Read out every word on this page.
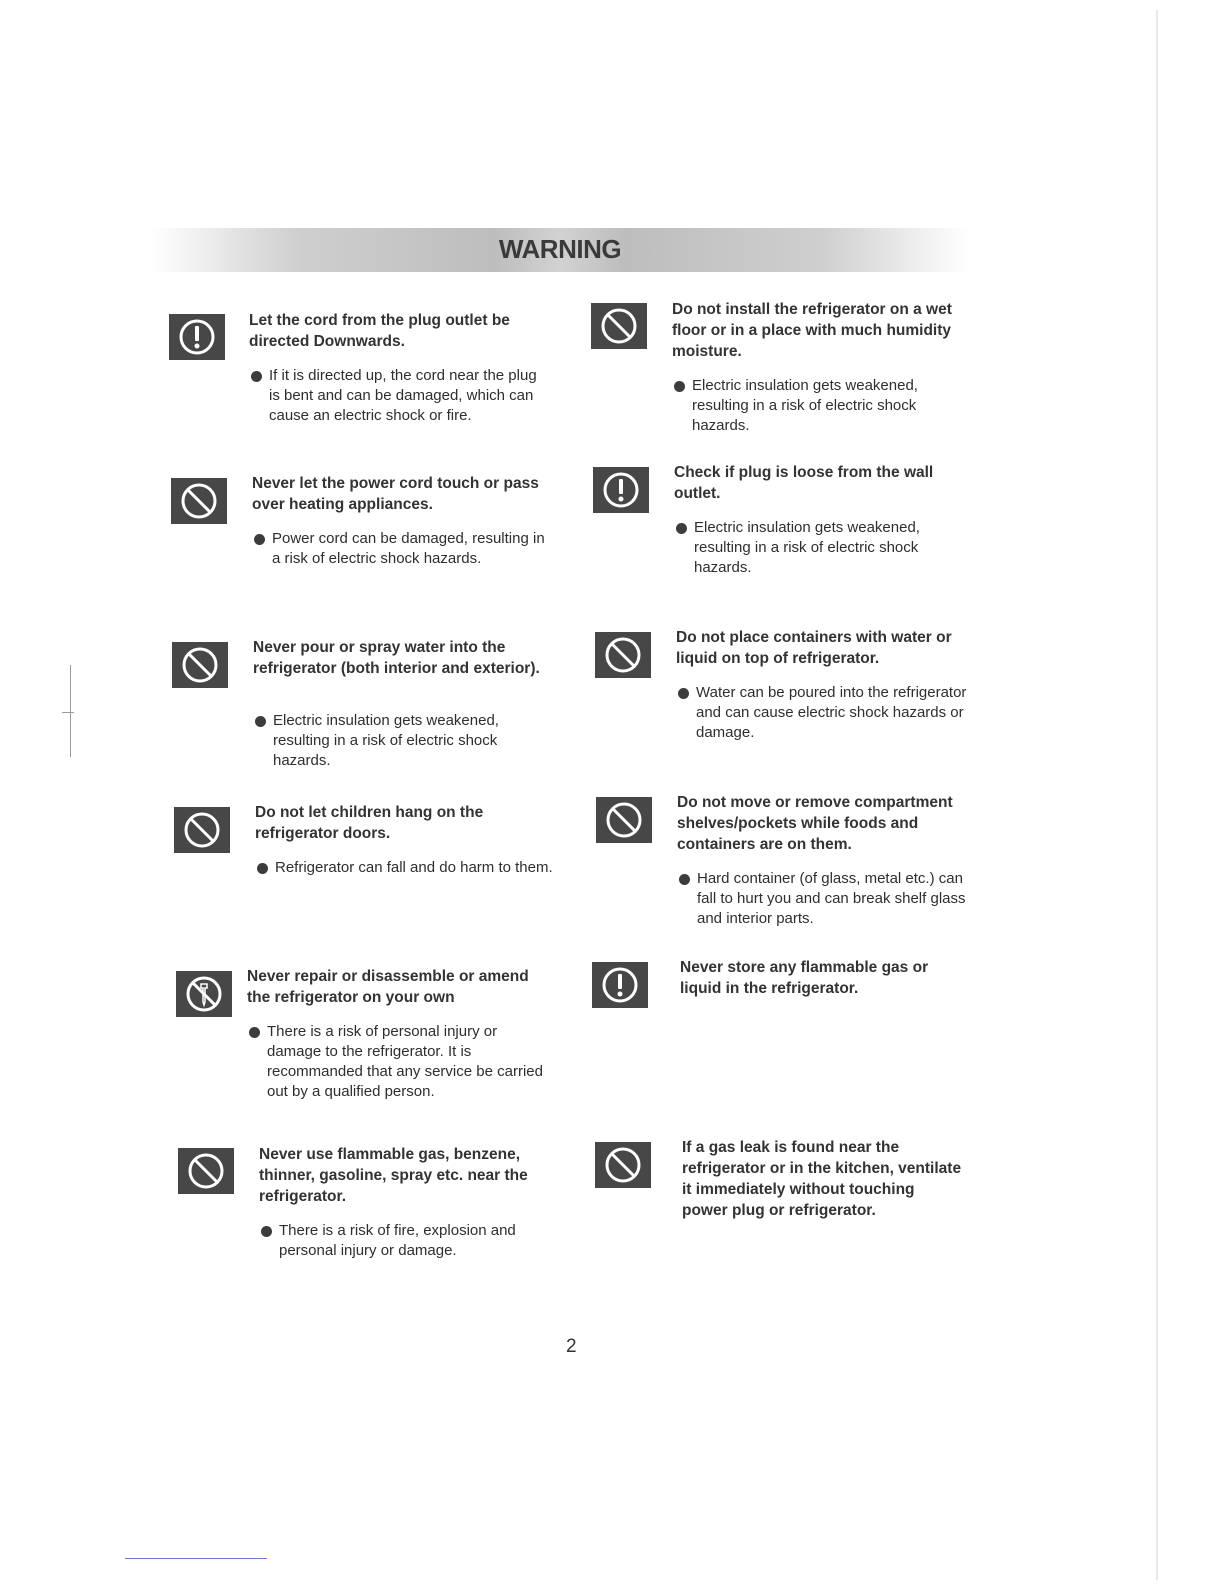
WARNING
Let the cord from the plug outlet be directed Downwards.
If it is directed up, the cord near the plug is bent and can be damaged, which can cause an electric shock or fire.
Do not install the refrigerator on a wet floor or in a place with much humidity moisture.
Electric insulation gets weakened, resulting in a risk of electric shock hazards.
Never let the power cord touch or pass over heating appliances.
Power cord can be damaged, resulting in a risk of electric shock hazards.
Check if plug is loose from the wall outlet.
Electric insulation gets weakened, resulting in a risk of electric shock hazards.
Never pour or spray water into the refrigerator (both interior and exterior).
Electric insulation gets weakened, resulting in a risk of electric shock hazards.
Do not place containers with water or liquid on top of refrigerator.
Water can be poured into the refrigerator and can cause electric shock hazards or damage.
Do not let children hang on the refrigerator doors.
Refrigerator can fall and do harm to them.
Do not move or remove compartment shelves/pockets while foods and containers are on them.
Hard container (of glass, metal etc.) can fall to hurt you and can break shelf glass and interior parts.
Never repair or disassemble or amend the refrigerator on your own
There is a risk of personal injury or damage to the refrigerator. It is recommanded that any service be carried out by a qualified person.
Never store any flammable gas or liquid in the refrigerator.
Never use flammable gas, benzene, thinner, gasoline, spray etc. near the refrigerator.
There is a risk of fire, explosion and personal injury or damage.
If a gas leak is found near the refrigerator or in the kitchen, ventilate it immediately without touching power plug or refrigerator.
2
